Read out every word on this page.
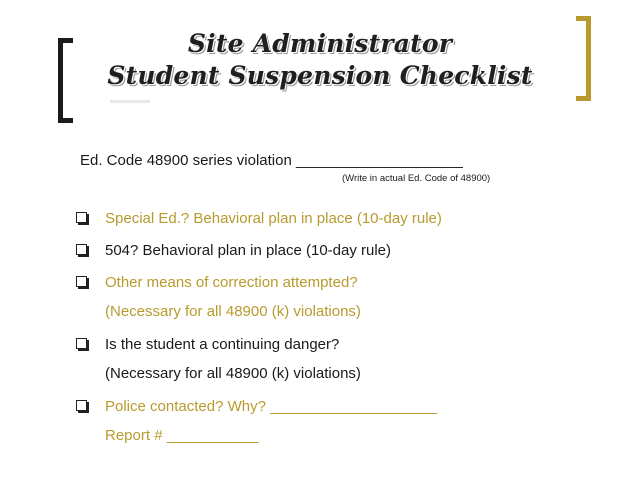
Site Administrator
Student Suspension Checklist
Ed. Code 48900 series violation ____________________
(Write in actual Ed. Code of 48900)
Special Ed.? Behavioral plan in place (10-day rule)
504? Behavioral plan in place (10-day rule)
Other means of correction attempted?
(Necessary for all 48900 (k) violations)
Is the student a continuing danger?
(Necessary for all 48900 (k) violations)
Police contacted? Why? ____________________
Report # ___________
